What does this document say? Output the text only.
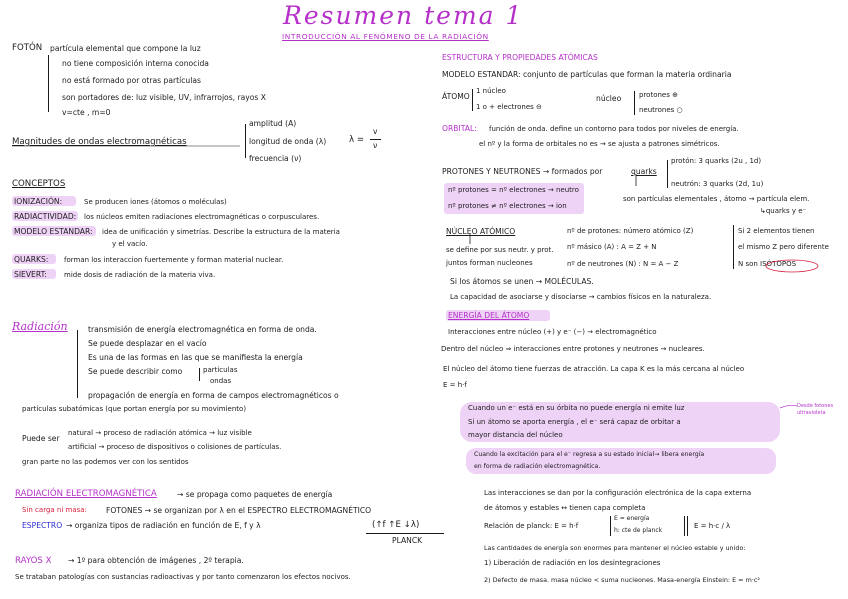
Resumen tema 1
INTRODUCCIÓN AL FENÓMENO DE LA RADIACIÓN
FOTÓN partícula elemental que compone la luz
no tiene composición interna conocida
no está formado por otras partículas
son portadores de: luz visible, UV, infrarrojos, rayos X
v=cte , m=0
Magnitudes de ondas electromagnéticas
amplitud (A)
longitud de onda (λ)
frecuencia (ν)
λ =
v
ν
CONCEPTOS
IONIZACIÓN:	Se producen iones (átomos o moléculas)
RADIACTIVIDAD: los núcleos emiten radiaciones electromagnéticas o corpusculares.
MODELO ESTANDAR: idea de unificación y simetrías. Describe la estructura de la materia
y el vacío.
QUARKS: forman los interaccion fuertemente y forman material nuclear.
SIEVERT: mide dosis de radiación de la materia viva.
Radiación	transmisión de energía electromagnética en forma de onda.
Se puede desplazar en el vacío
Es una de las formas en las que se manifiesta la energía
Se puede describir como	partículas
ondas
propagación de energía en forma de campos electromagnéticos o
partículas subatómicas (que portan energía por su movimiento)
Puede ser
natural → proceso de radiación atómica → luz visible
artificial → proceso de dispositivos o colisiones de partículas.
gran parte no las podemos ver con los sentidos
RADIACIÓN ELECTROMAGNÉTICA	→ se propaga como paquetes de energía
Sin carga ni masa:	FOTONES → se organizan por λ en el ESPECTRO ELECTROMAGNÉTICO
ESPECTRO → organiza tipos de radiación en función de E, f y λ	(↑f ↑E ↓λ)
PLANCK
RAYOS X → 1º para obtención de imágenes , 2º terapia.
Se trataban patologías con sustancias radioactivas y por tanto comenzaron los efectos nocivos.
ESTRUCTURA Y PROPIEDADES ATÓMICAS
MODELO ESTANDAR: conjunto de partículas que forman la materia ordinaria
ÁTOMO
1 núcleo
1 o + electrones ⊖
núcleo	protones ⊕
neutrones ○
ORBITAL: función de onda. define un contorno para todos por niveles de energía.
el nº y la forma de orbitales no es → se ajusta a patrones simétricos.
PROTONES Y NEUTRONES → formados por	quarks
protón: 3 quarks (2u , 1d)
neutrón: 3 quarks (2d, 1u)
son partículas elementales , átomo → partícula elem.
↳quarks y e⁻
nº protones = nº electrones → neutro
nº protones ≠ nº electrones → ion
NÚCLEO ATÓMICO	nº de protones: número atómico (Z)
nº másico (A) : A = Z + N
nº de neutrones (N) : N = A − Z
se define por sus neutr. y prot.
juntos forman nucleones
Si 2 elementos tienen
el mismo Z pero diferente
N son ISÓTOPOS
Si los átomos se unen → MOLÉCULAS.
La capacidad de asociarse y disociarse → cambios físicos en la naturaleza.
ENERGÍA DEL ÁTOMO
Interacciones entre núcleo (+) y e⁻ (−) → electromagnético
Dentro del núcleo ⇒ interacciones entre protones y neutrones → nucleares.
El núcleo del átomo tiene fuerzas de atracción. La capa K es la más cercana al núcleo
E = h·f
Cuando un e⁻ está en su órbita no puede energía ni emite luz
Si un átomo se aporta energía , el e⁻ será capaz de orbitar a
mayor distancia del núcleo
Desde fotones ultravioleta
Cuando la excitación para el e⁻ regresa a su estado inicial→ libera energía
en forma de radiación electromagnética.
Las interacciones se dan por la configuración electrónica de la capa externa
de átomos y estables ↔ tienen capa completa
Relación de planck: E = h·f
E = energía
h: cte de planck
E = h·c / λ
Las cantidades de energía son enormes para mantener el núcleo estable y unido:
1) Liberación de radiación en los desintegraciones
2) Defecto de masa. masa núcleo < suma nucleones. Masa-energía Einstein: E = m·c²
